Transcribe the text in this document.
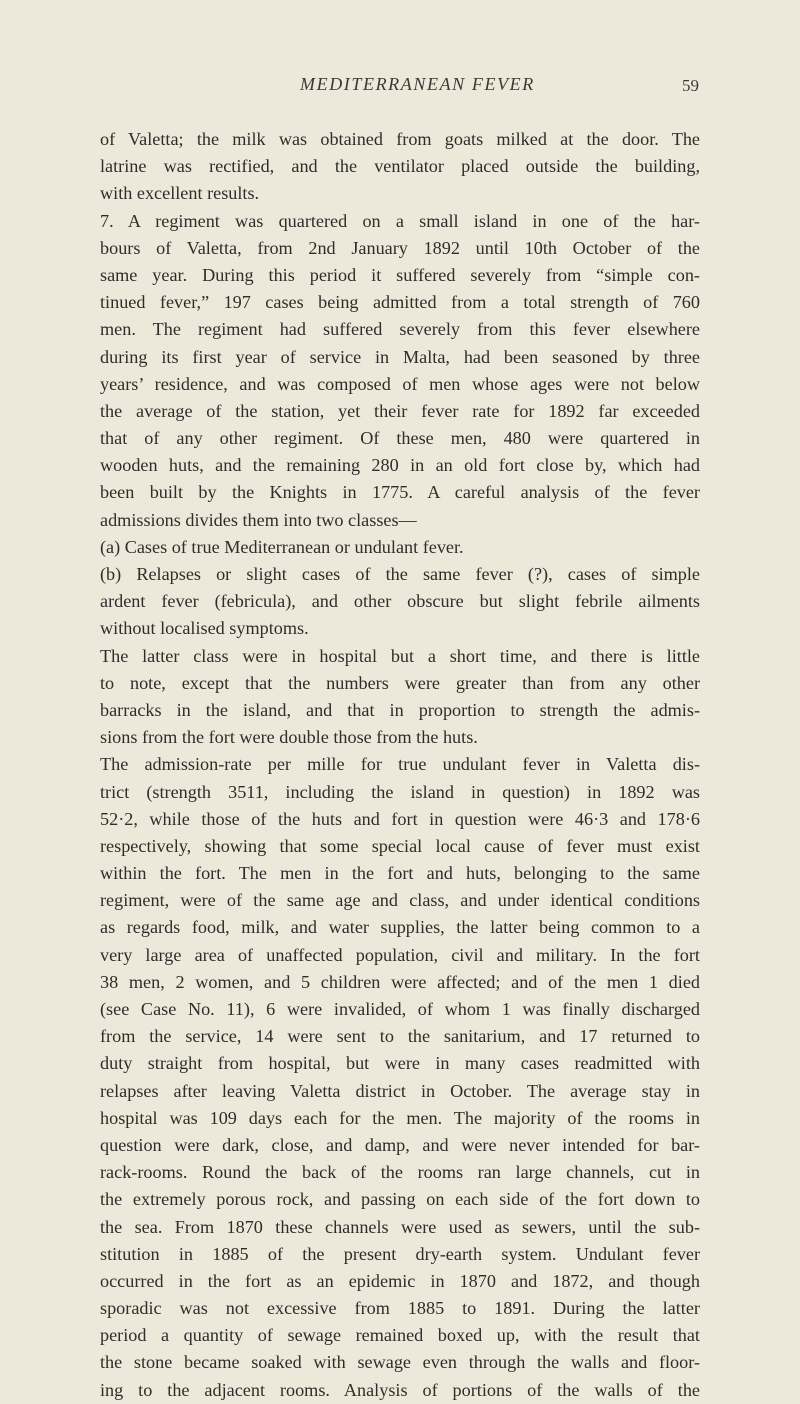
MEDITERRANEAN FEVER	59
of Valetta; the milk was obtained from goats milked at the door. The
latrine was rectified, and the ventilator placed outside the building,
with excellent results.
7. A regiment was quartered on a small island in one of the har-
bours of Valetta, from 2nd January 1892 until 10th October of the
same year. During this period it suffered severely from “simple con-
tinued fever,” 197 cases being admitted from a total strength of 760
men. The regiment had suffered severely from this fever elsewhere
during its first year of service in Malta, had been seasoned by three
years’ residence, and was composed of men whose ages were not below
the average of the station, yet their fever rate for 1892 far exceeded
that of any other regiment. Of these men, 480 were quartered in
wooden huts, and the remaining 280 in an old fort close by, which had
been built by the Knights in 1775. A careful analysis of the fever
admissions divides them into two classes—
(a) Cases of true Mediterranean or undulant fever.
(b) Relapses or slight cases of the same fever (?), cases of simple
ardent fever (febricula), and other obscure but slight febrile ailments
without localised symptoms.
The latter class were in hospital but a short time, and there is little
to note, except that the numbers were greater than from any other
barracks in the island, and that in proportion to strength the admis-
sions from the fort were double those from the huts.
The admission-rate per mille for true undulant fever in Valetta dis-
trict (strength 3511, including the island in question) in 1892 was
52·2, while those of the huts and fort in question were 46·3 and 178·6
respectively, showing that some special local cause of fever must exist
within the fort. The men in the fort and huts, belonging to the same
regiment, were of the same age and class, and under identical conditions
as regards food, milk, and water supplies, the latter being common to a
very large area of unaffected population, civil and military. In the fort
38 men, 2 women, and 5 children were affected; and of the men 1 died
(see Case No. 11), 6 were invalided, of whom 1 was finally discharged
from the service, 14 were sent to the sanitarium, and 17 returned to
duty straight from hospital, but were in many cases readmitted with
relapses after leaving Valetta district in October. The average stay in
hospital was 109 days each for the men. The majority of the rooms in
question were dark, close, and damp, and were never intended for bar-
rack-rooms. Round the back of the rooms ran large channels, cut in
the extremely porous rock, and passing on each side of the fort down to
the sea. From 1870 these channels were used as sewers, until the sub-
stitution in 1885 of the present dry-earth system. Undulant fever
occurred in the fort as an epidemic in 1870 and 1872, and though
sporadic was not excessive from 1885 to 1891. During the latter
period a quantity of sewage remained boxed up, with the result that
the stone became soaked with sewage even through the walls and floor-
ing to the adjacent rooms. Analysis of portions of the walls of the
